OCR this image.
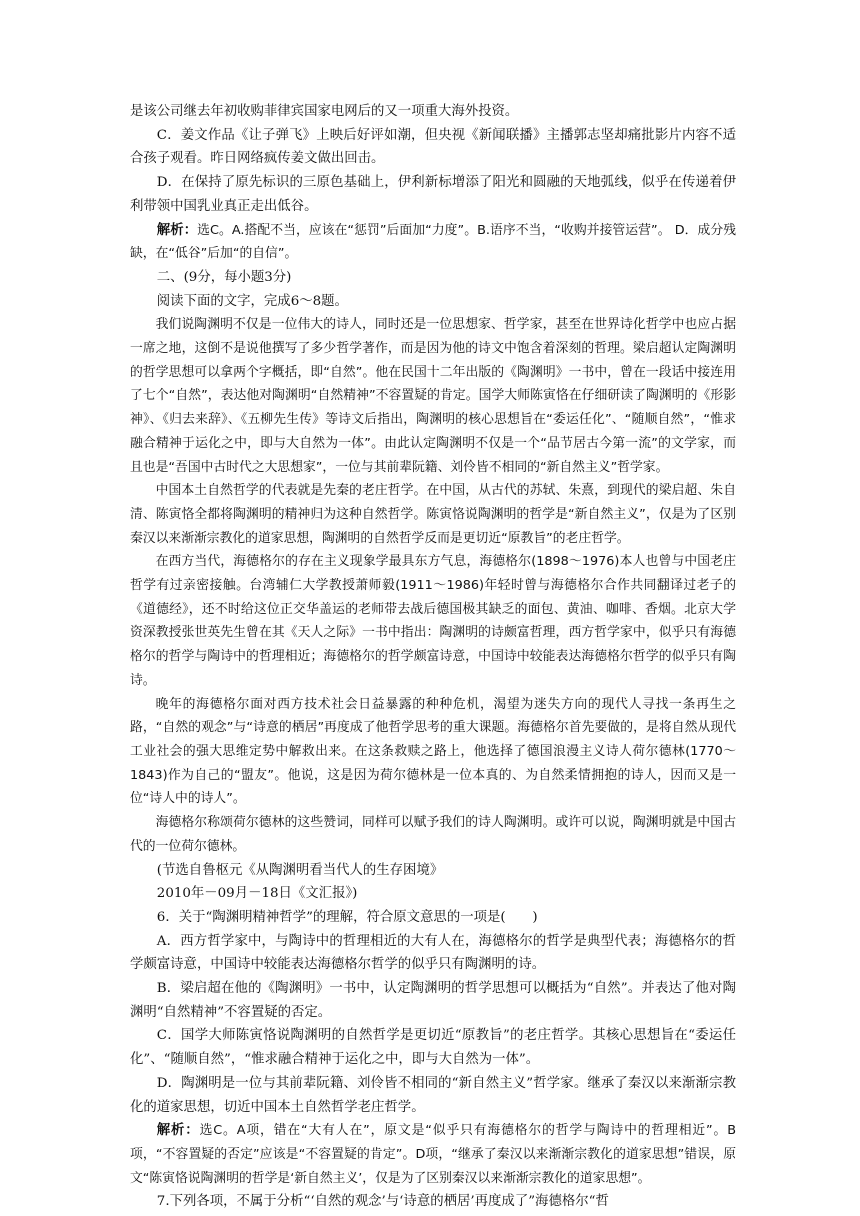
是该公司继去年初收购菲律宾国家电网后的又一项重大海外投资。

C．姜文作品《让子弹飞》上映后好评如潮，但央视《新闻联播》主播郭志坚却痛批影片内容不适合孩子观看。昨日网络疯传姜文做出回击。

D．在保持了原先标识的三原色基础上，伊利新标增添了阳光和圆融的天地弧线，似乎在传递着伊利带领中国乳业真正走出低谷。

解析：选C。A.搭配不当，应该在“惩罚”后面加“力度”。B.语序不当，“收购并接管运营”。 D．成分残缺，在“低谷”后加“的自信”。

二、(9分，每小题3分)

阅读下面的文字，完成6～8题。

我们说陶渊明不仅是一位伟大的诗人，同时还是一位思想家、哲学家，甚至在世界诗化哲学中也应占据一席之地，这倒不是说他撰写了多少哲学著作，而是因为他的诗文中饱含着深刻的哲理。梁启超认定陶渊明的哲学思想可以拿两个字概括，即“自然”。他在民国十二年出版的《陶渊明》一书中，曾在一段话中接连用了七个“自然”，表达他对陶渊明“自然精神”不容置疑的肯定。国学大师陈寅恪在仔细研读了陶渊明的《形影神》、《归去来辞》、《五柳先生传》等诗文后指出，陶渊明的核心思想旨在“委运任化”、“随顺自然”，“惟求融合精神于运化之中，即与大自然为一体”。由此认定陶渊明不仅是一个“品节居古今第一流”的文学家，而且也是“吾国中古时代之大思想家”，一位与其前辈阮籍、刘伶皆不相同的“新自然主义”哲学家。

中国本土自然哲学的代表就是先秦的老庄哲学。在中国，从古代的苏轼、朱熹，到现代的梁启超、朱自清、陈寅恪全都将陶渊明的精神归为这种自然哲学。陈寅恪说陶渊明的哲学是“新自然主义”，仅是为了区别秦汉以来渐渐宗教化的道家思想，陶渊明的自然哲学反而是更切近“原教旨”的老庄哲学。

在西方当代，海德格尔的存在主义现象学最具东方气息，海德格尔(1898～1976)本人也曾与中国老庄哲学有过亲密接触。台湾辅仁大学教授萧师毅(1911～1986)年轻时曾与海德格尔合作共同翻译过老子的《道德经》，还不时给这位正交华盖运的老师带去战后德国极其缺乏的面包、黄油、咖啡、香烟。北京大学资深教授张世英先生曾在其《天人之际》一书中指出：陶渊明的诗颇富哲理，西方哲学家中，似乎只有海德格尔的哲学与陶诗中的哲理相近；海德格尔的哲学颇富诗意，中国诗中较能表达海德格尔哲学的似乎只有陶诗。

晚年的海德格尔面对西方技术社会日益暴露的种种危机，渴望为迷失方向的现代人寻找一条再生之路，“自然的观念”与“诗意的栖居”再度成了他哲学思考的重大课题。海德格尔首先要做的，是将自然从现代工业社会的强大思维定势中解救出来。在这条救赎之路上，他选择了德国浪漫主义诗人荷尔德林(1770～1843)作为自己的“盟友”。他说，这是因为荷尔德林是一位本真的、为自然柔情拥抱的诗人，因而又是一位“诗人中的诗人”。

海德格尔称颂荷尔德林的这些赞词，同样可以赋予我们的诗人陶渊明。或许可以说，陶渊明就是中国古代的一位荷尔德林。

(节选自鲁枢元《从陶渊明看当代人的生存困境》

2010年－09月－18日《文汇报》)

6．关于“陶渊明精神哲学”的理解，符合原文意思的一项是(　　)

A．西方哲学家中，与陶诗中的哲理相近的大有人在，海德格尔的哲学是典型代表；海德格尔的哲学颇富诗意，中国诗中较能表达海德格尔哲学的似乎只有陶渊明的诗。

B．梁启超在他的《陶渊明》一书中，认定陶渊明的哲学思想可以概括为“自然”。并表达了他对陶渊明“自然精神”不容置疑的否定。

C．国学大师陈寅恪说陶渊明的自然哲学是更切近“原教旨”的老庄哲学。其核心思想旨在“委运任化”、“随顺自然”，“惟求融合精神于运化之中，即与大自然为一体”。

D．陶渊明是一位与其前辈阮籍、刘伶皆不相同的“新自然主义”哲学家。继承了秦汉以来渐渐宗教化的道家思想，切近中国本土自然哲学老庄哲学。

解析：选C。A项，错在“大有人在”，原文是“似乎只有海德格尔的哲学与陶诗中的哲理相近”。B项，“不容置疑的否定”应该是“不容置疑的肯定”。D项，“继承了秦汉以来渐渐宗教化的道家思想”错误，原文“陈寅恪说陶渊明的哲学是‘新自然主义’，仅是为了区别秦汉以来渐渐宗教化的道家思想”。

7.下列各项，不属于分析“‘自然的观念’与‘诗意的栖居’再度成了”海德格尔“哲
